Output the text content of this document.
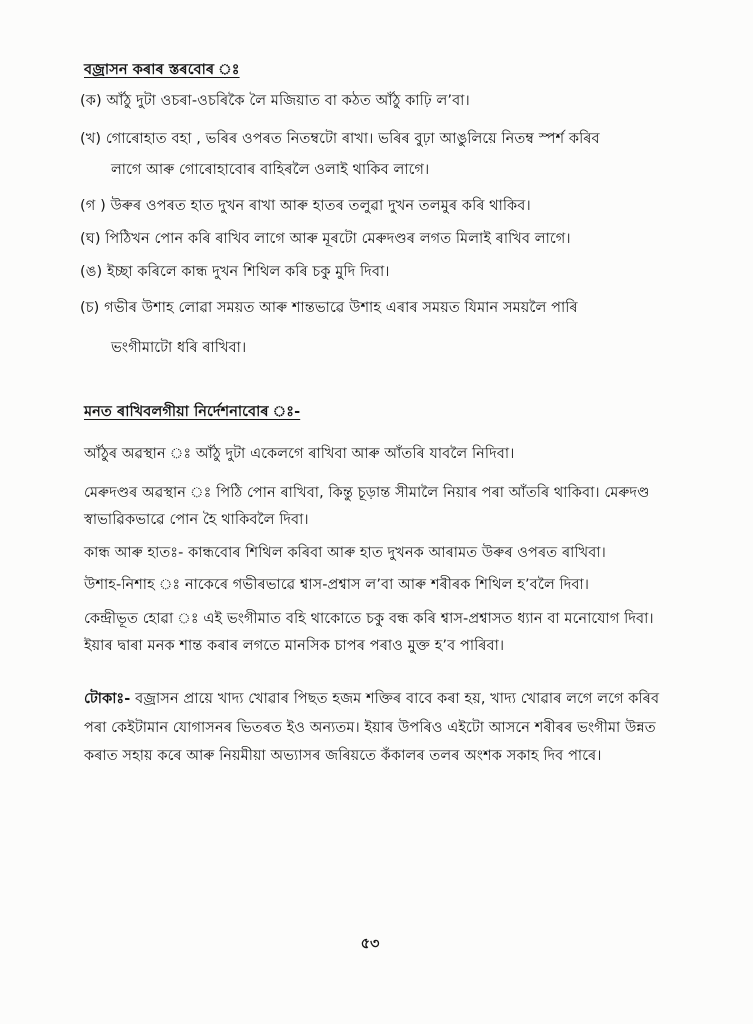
বজ্ৰাসন কৰাৰ স্তৰবোৰ ঃ
(ক) আঁঠু দুটা ওচৰা-ওচৰিকৈ লৈ মজিয়াত বা কঠত আঁঠু কাঢ়ি ল’বা।
(খ) গোৰোহাত বহা , ভৰিৰ ওপৰত নিতম্বটো ৰাখা। ভৰিৰ বুঢ়া আঙুলিয়ে নিতম্ব স্পৰ্শ কৰিব
লাগে আৰু গোৰোহাবোৰ বাহিৰলৈ ওলাই থাকিব লাগে।
(গ ) উৰুৰ ওপৰত হাত দুখন ৰাখা আৰু হাতৰ তলুৱা দুখন তলমুৰ কৰি থাকিব।
(ঘ) পিঠিখন পোন কৰি ৰাখিব লাগে আৰু মূৰটো মেৰুদণ্ডৰ লগত মিলাই ৰাখিব লাগে।
(ঙ) ইচ্ছা কৰিলে কান্ধ দুখন শিথিল কৰি চকু মুদি দিবা।
(চ) গভীৰ উশাহ লোৱা সময়ত আৰু শান্তভাৱে উশাহ এৰাৰ সময়ত যিমান সময়লৈ পাৰি
ভংগীমাটো ধৰি ৰাখিবা।
মনত ৰাখিবলগীয়া নিৰ্দেশনাবোৰ ঃ-
আঁঠুৰ অৱস্থান ঃ আঁঠু দুটা একেলগে ৰাখিবা আৰু আঁতৰি যাবলৈ নিদিবা।
মেৰুদণ্ডৰ অৱস্থান ঃ পিঠি পোন ৰাখিবা, কিন্তু চূড়ান্ত সীমালৈ নিয়াৰ পৰা আঁতৰি থাকিবা। মেৰুদণ্ড
স্বাভাৱিকভাৱে পোন হৈ থাকিবলৈ দিবা।
কান্ধ আৰু হাতঃ- কান্ধবোৰ শিথিল কৰিবা আৰু হাত দুখনক আৰামত উৰুৰ ওপৰত ৰাখিবা।
উশাহ-নিশাহ ঃ নাকেৰে গভীৰভাৱে শ্বাস-প্ৰশ্বাস ল’বা আৰু শৰীৰক শিথিল হ’বলৈ দিবা।
কেন্দ্ৰীভূত হোৱা ঃ এই ভংগীমাত বহি থাকোতে চকু বন্ধ কৰি শ্বাস-প্ৰশ্বাসত ধ্যান বা মনোযোগ দিবা।
ইয়াৰ দ্বাৰা মনক শান্ত কৰাৰ লগতে মানসিক চাপৰ পৰাও মুক্ত হ’ব পাৰিবা।
টোকাঃ- বজ্ৰাসন প্ৰায়ে খাদ্য খোৱাৰ পিছত হজম শক্তিৰ বাবে কৰা হয়, খাদ্য খোৱাৰ লগে লগে কৰিব
পৰা কেইটামান যোগাসনৰ ভিতৰত ইও অন্যতম। ইয়াৰ উপৰিও এইটো আসনে শৰীৰৰ ভংগীমা উন্নত
কৰাত সহায় কৰে আৰু নিয়মীয়া অভ্যাসৰ জৰিয়তে কঁকালৰ তলৰ অংশক সকাহ দিব পাৰে।
৫৩
